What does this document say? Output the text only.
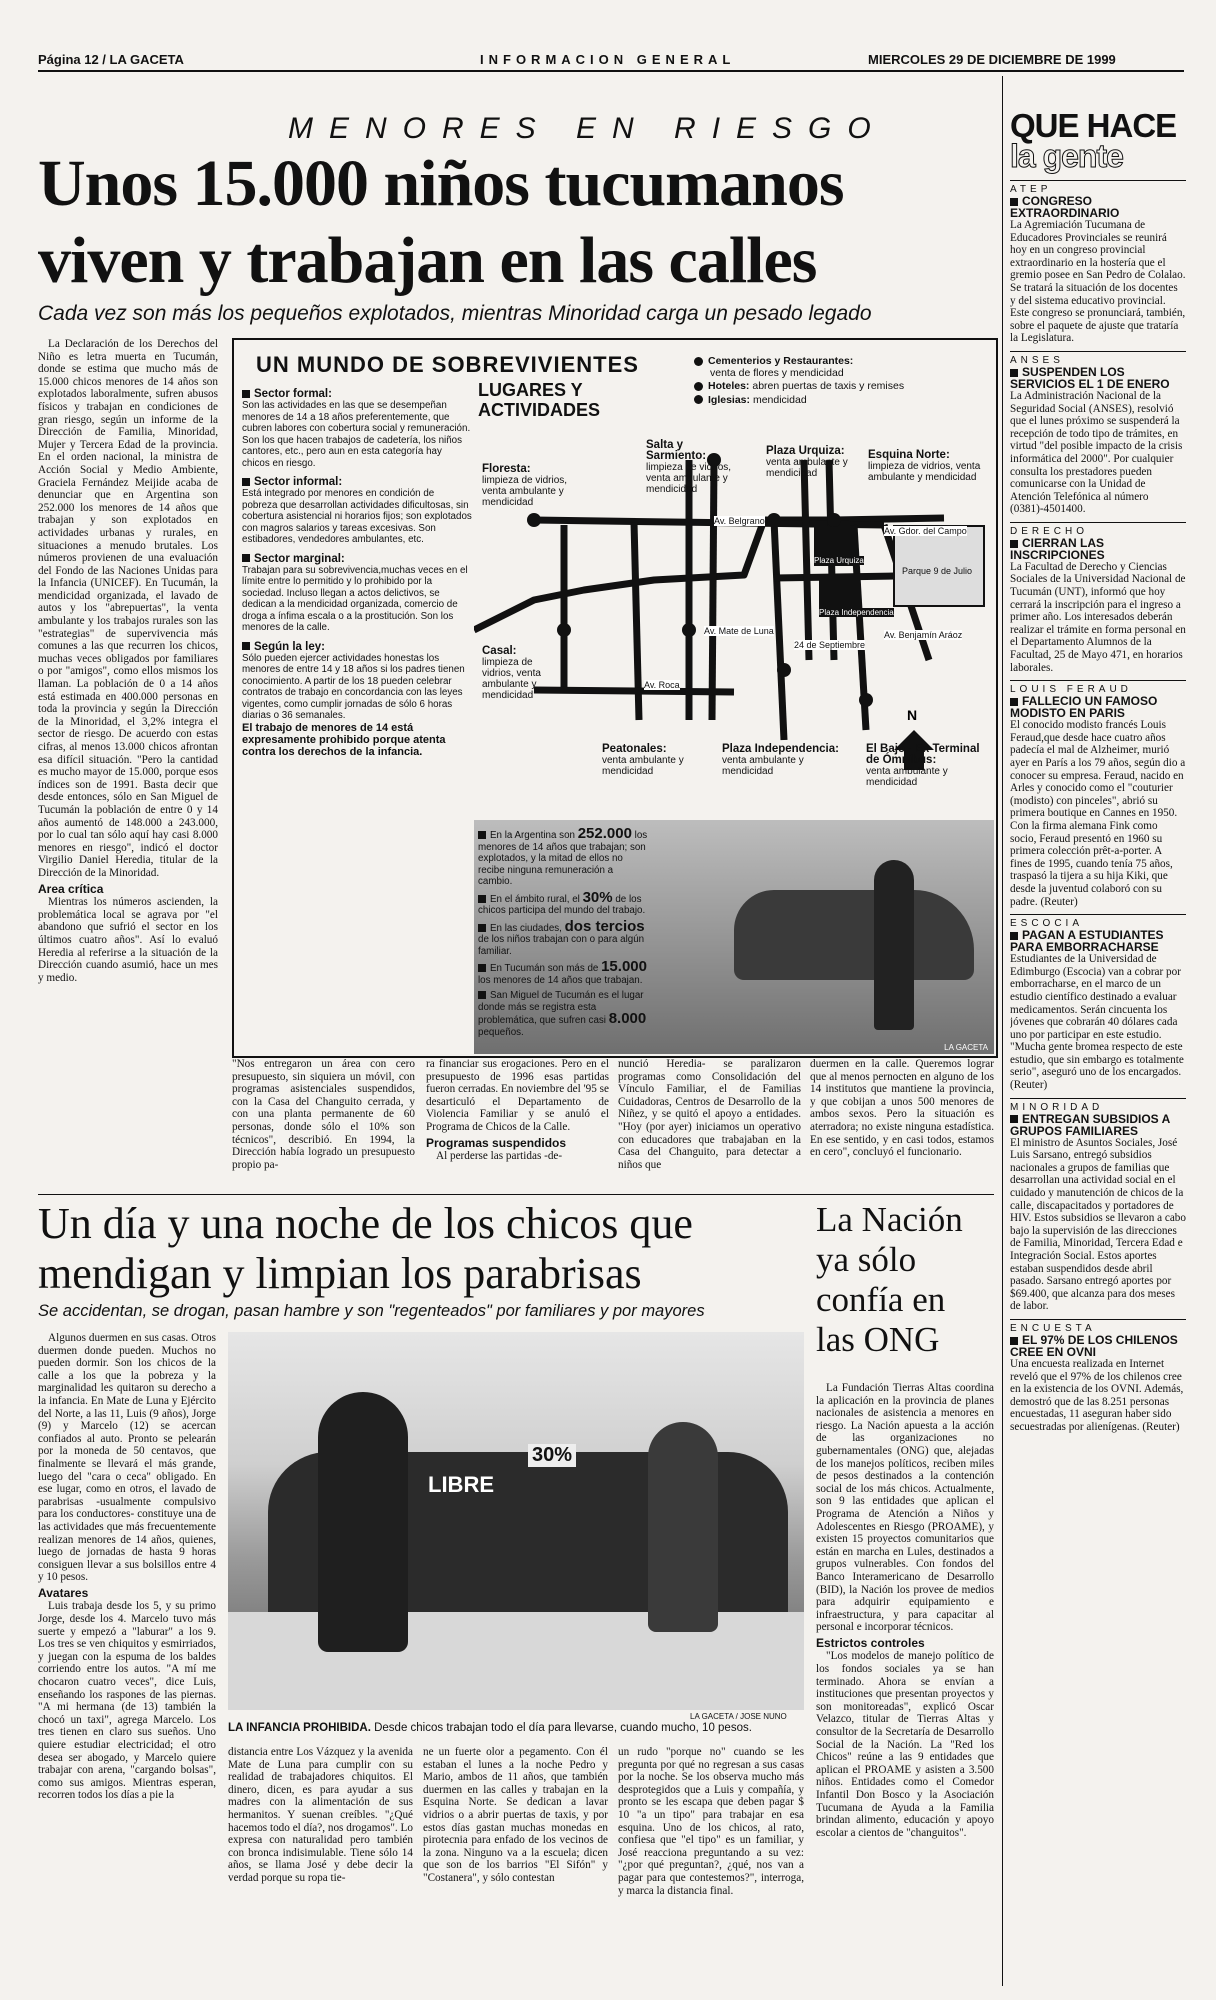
Página 12 / LA GACETA	INFORMACION GENERAL	MIERCOLES 29 DE DICIEMBRE DE 1999
MENORES EN RIESGO
Unos 15.000 niños tucumanos
viven y trabajan en las calles
Cada vez son más los pequeños explotados, mientras Minoridad carga un pesado legado

La Declaración de los Derechos del Niño es letra muerta en Tucumán, donde se estima que mucho más de 15.000 chicos menores de 14 años son explotados laboralmente, sufren abusos físicos y trabajan en condiciones de gran riesgo, según un informe de la Dirección de Familia, Minoridad, Mujer y Tercera Edad de la provincia. En el orden nacional, la ministra de Acción Social y Medio Ambiente, Graciela Fernández Meijide acaba de denunciar que en Argentina son 252.000 los menores de 14 años que trabajan y son explotados en actividades urbanas y rurales, en situaciones a menudo brutales. Los números provienen de una evaluación del Fondo de las Naciones Unidas para la Infancia (UNICEF). En Tucumán, la mendicidad organizada, el lavado de autos y los "abrepuertas", la venta ambulante y los trabajos rurales son las "estrategias" de supervivencia más comunes a las que recurren los chicos, muchas veces obligados por familiares o por "amigos", como ellos mismos los llaman. La población de 0 a 14 años está estimada en 400.000 personas en toda la provincia y según la Dirección de la Minoridad, el 3,2% integra el sector de riesgo. De acuerdo con estas cifras, al menos 13.000 chicos afrontan esa difícil situación. "Pero la cantidad es mucho mayor de 15.000, porque esos índices son de 1991. Basta decir que desde entonces, sólo en San Miguel de Tucumán la población de entre 0 y 14 años aumentó de 148.000 a 243.000, por lo cual tan sólo aquí hay casi 8.000 menores en riesgo", indicó el doctor Virgilio Daniel Heredia, titular de la Dirección de la Minoridad.

Area crítica

Mientras los números ascienden, la problemática local se agrava por "el abandono que sufrió el sector en los últimos cuatro años". Así lo evaluó Heredia al referirse a la situación de la Dirección cuando asumió, hace un mes y medio.

UN MUNDO DE SOBREVIVIENTES
LUGARES Y ACTIVIDADES
Sector formal:
Son las actividades en las que se desempeñan menores de 14 a 18 años preferentemente, que cubren labores con cobertura social y remuneración. Son los que hacen trabajos de cadetería, los niños cantores, etc., pero aun en esta categoría hay chicos en riesgo.
Sector informal:
Está integrado por menores en condición de pobreza que desarrollan actividades dificultosas, sin cobertura asistencial ni horarios fijos; son explotados con magros salarios y tareas excesivas. Son estibadores, vendedores ambulantes, etc.
Sector marginal:
Trabajan para su sobrevivencia,muchas veces en el límite entre lo permitido y lo prohibido por la sociedad. Incluso llegan a actos delictivos, se dedican a la mendicidad organizada, comercio de droga a ínfima escala o a la prostitución. Son los menores de la calle.
Según la ley:
Sólo pueden ejercer actividades honestas los menores de entre 14 y 18 años si los padres tienen conocimiento. A partir de los 18 pueden celebrar contratos de trabajo en concordancia con las leyes vigentes, como cumplir jornadas de sólo 6 horas diarias o 36 semanales.
El trabajo de menores de 14 está expresamente prohibido porque atenta contra los derechos de la infancia.
Cementerios y Restaurantes:
venta de flores y mendicidad
Hoteles: abren puertas de taxis y remises
Iglesias: mendicidad
N
Av. Belgrano
Av. Mate de Luna
Plaza Urquiza
Plaza Independencia
24 de Septiembre
Av. Roca
Av. Gdor. del Campo
Parque 9 de Julio
Av. Benjamín Aráoz
Salta y Sarmiento:
limpieza de vidrios, venta ambulante y mendicidad
Plaza Urquiza:
venta ambulante y mendicidad
Esquina Norte:
limpieza de vidrios, venta ambulante y mendicidad
Floresta:
limpieza de vidrios, venta ambulante y mendicidad
Casal:
limpieza de vidrios, venta ambulante y mendicidad
Peatonales:
venta ambulante y mendicidad
Plaza Independencia:
venta ambulante y mendicidad
El Bajo - Ex Terminal de Ómnibus:
venta ambulante y mendicidad
En la Argentina son 252.000 los menores de 14 años que trabajan; son explotados, y la mitad de ellos no recibe ninguna remuneración a cambio.
En el ámbito rural, el 30% de los chicos participa del mundo del trabajo.
En las ciudades, dos tercios de los niños trabajan con o para algún familiar.
En Tucumán son más de 15.000 los menores de 14 años que trabajan.
San Miguel de Tucumán es el lugar donde más se registra esta problemática, que sufren casi 8.000 pequeños.
LA GACETA

"Nos entregaron un área con cero presupuesto, sin siquiera un móvil, con programas asistenciales suspendidos, con la Casa del Changuito cerrada, y con una planta permanente de 60 personas, donde sólo el 10% son técnicos", describió. En 1994, la Dirección había logrado un presupuesto propio pa-

ra financiar sus erogaciones. Pero en el presupuesto de 1996 esas partidas fueron cerradas. En noviembre del '95 se desarticuló el Departamento de Violencia Familiar y se anuló el Programa de Chicos de la Calle.

Programas suspendidos

Al perderse las partidas -de-

nunció Heredia- se paralizaron programas como Consolidación del Vínculo Familiar, el de Familias Cuidadoras, Centros de Desarrollo de la Niñez, y se quitó el apoyo a entidades. "Hoy (por ayer) iniciamos un operativo con educadores que trabajaban en la Casa del Changuito, para detectar a niños que

duermen en la calle. Queremos lograr que al menos pernocten en alguno de los 14 institutos que mantiene la provincia, y que cobijan a unos 500 menores de ambos sexos. Pero la situación es aterradora; no existe ninguna estadística. En ese sentido, y en casi todos, estamos en cero", concluyó el funcionario.

Un día y una noche de los chicos que
mendigan y limpian los parabrisas
Se accidentan, se drogan, pasan hambre y son "regenteados" por familiares y por mayores

Algunos duermen en sus casas. Otros duermen donde pueden. Muchos no pueden dormir. Son los chicos de la calle a los que la pobreza y la marginalidad les quitaron su derecho a la infancia. En Mate de Luna y Ejército del Norte, a las 11, Luis (9 años), Jorge (9) y Marcelo (12) se acercan confiados al auto. Pronto se pelearán por la moneda de 50 centavos, que finalmente se llevará el más grande, luego del "cara o ceca" obligado. En ese lugar, como en otros, el lavado de parabrisas -usualmente compulsivo para los conductores- constituye una de las actividades que más frecuentemente realizan menores de 14 años, quienes, luego de jornadas de hasta 9 horas consiguen llevar a sus bolsillos entre 4 y 10 pesos.

Avatares

Luis trabaja desde los 5, y su primo Jorge, desde los 4. Marcelo tuvo más suerte y empezó a "laburar" a los 9. Los tres se ven chiquitos y esmirriados, y juegan con la espuma de los baldes corriendo entre los autos. "A mí me chocaron cuatro veces", dice Luis, enseñando los raspones de las piernas. "A mi hermana (de 13) también la chocó un taxi", agrega Marcelo. Los tres tienen en claro sus sueños. Uno quiere estudiar electricidad; el otro desea ser abogado, y Marcelo quiere trabajar con arena, "cargando bolsas", como sus amigos. Mientras esperan, recorren todos los días a pie la

LIBRE
30%
LA GACETA / JOSE NUNO
LA INFANCIA PROHIBIDA. Desde chicos trabajan todo el día para llevarse, cuando mucho, 10 pesos.

distancia entre Los Vázquez y la avenida Mate de Luna para cumplir con su realidad de trabajadores chiquitos. El dinero, dicen, es para ayudar a sus madres con la alimentación de sus hermanitos. Y suenan creíbles. "¿Qué hacemos todo el día?, nos drogamos". Lo expresa con naturalidad pero también con bronca indisimulable. Tiene sólo 14 años, se llama José y debe decir la verdad porque su ropa tie-

ne un fuerte olor a pegamento. Con él estaban el lunes a la noche Pedro y Mario, ambos de 11 años, que también duermen en las calles y trabajan en la Esquina Norte. Se dedican a lavar vidrios o a abrir puertas de taxis, y por estos días gastan muchas monedas en pirotecnia para enfado de los vecinos de la zona. Ninguno va a la escuela; dicen que son de los barrios "El Sifón" y "Costanera", y sólo contestan

un rudo "porque no" cuando se les pregunta por qué no regresan a sus casas por la noche. Se los observa mucho más desprotegidos que a Luis y compañía, y pronto se les escapa que deben pagar $ 10 "a un tipo" para trabajar en esa esquina. Uno de los chicos, al rato, confiesa que "el tipo" es un familiar, y José reacciona preguntando a su vez: "¿por qué preguntan?, ¿qué, nos van a pagar para que contestemos?", interroga, y marca la distancia final.

La Nación ya sólo confía en las ONG

La Fundación Tierras Altas coordina la aplicación en la provincia de planes nacionales de asistencia a menores en riesgo. La Nación apuesta a la acción de las organizaciones no gubernamentales (ONG) que, alejadas de los manejos políticos, reciben miles de pesos destinados a la contención social de los más chicos. Actualmente, son 9 las entidades que aplican el Programa de Atención a Niños y Adolescentes en Riesgo (PROAME), y existen 15 proyectos comunitarios que están en marcha en Lules, destinados a grupos vulnerables. Con fondos del Banco Interamericano de Desarrollo (BID), la Nación los provee de medios para adquirir equipamiento e infraestructura, y para capacitar al personal e incorporar técnicos.

Estrictos controles

"Los modelos de manejo político de los fondos sociales ya se han terminado. Ahora se envían a instituciones que presentan proyectos y son monitoreadas", explicó Oscar Velazco, titular de Tierras Altas y consultor de la Secretaría de Desarrollo Social de la Nación. La "Red los Chicos" reúne a las 9 entidades que aplican el PROAME y asisten a 3.500 niños. Entidades como el Comedor Infantil Don Bosco y la Asociación Tucumana de Ayuda a la Familia brindan alimento, educación y apoyo escolar a cientos de "changuitos".

QUE HACE
la gente
ATEP
CONGRESO EXTRAORDINARIO
La Agremiación Tucumana de Educadores Provinciales se reunirá hoy en un congreso provincial extraordinario en la hostería que el gremio posee en San Pedro de Colalao. Se tratará la situación de los docentes y del sistema educativo provincial. Este congreso se pronunciará, también, sobre el paquete de ajuste que trataría la Legislatura.
ANSES
SUSPENDEN LOS SERVICIOS EL 1 DE ENERO
La Administración Nacional de la Seguridad Social (ANSES), resolvió que el lunes próximo se suspenderá la recepción de todo tipo de trámites, en virtud "del posible impacto de la crisis informática del 2000". Por cualquier consulta los prestadores pueden comunicarse con la Unidad de Atención Telefónica al número (0381)-4501400.
DERECHO
CIERRAN LAS INSCRIPCIONES
La Facultad de Derecho y Ciencias Sociales de la Universidad Nacional de Tucumán (UNT), informó que hoy cerrará la inscripción para el ingreso a primer año. Los interesados deberán realizar el trámite en forma personal en el Departamento Alumnos de la Facultad, 25 de Mayo 471, en horarios laborales.
LOUIS FERAUD
FALLECIO UN FAMOSO MODISTO EN PARIS
El conocido modisto francés Louis Feraud,que desde hace cuatro años padecía el mal de Alzheimer, murió ayer en París a los 79 años, según dio a conocer su empresa. Feraud, nacido en Arles y conocido como el "couturier (modisto) con pinceles", abrió su primera boutique en Cannes en 1950. Con la firma alemana Fink como socio, Feraud presentó en 1960 su primera colección prêt-a-porter. A fines de 1995, cuando tenía 75 años, traspasó la tijera a su hija Kiki, que desde la juventud colaboró con su padre. (Reuter)
ESCOCIA
PAGAN A ESTUDIANTES PARA EMBORRACHARSE
Estudiantes de la Universidad de Edimburgo (Escocia) van a cobrar por emborracharse, en el marco de un estudio científico destinado a evaluar medicamentos. Serán cincuenta los jóvenes que cobrarán 40 dólares cada uno por participar en este estudio. "Mucha gente bromea respecto de este estudio, que sin embargo es totalmente serio", aseguró uno de los encargados. (Reuter)
MINORIDAD
ENTREGAN SUBSIDIOS A GRUPOS FAMILIARES
El ministro de Asuntos Sociales, José Luis Sarsano, entregó subsidios nacionales a grupos de familias que desarrollan una actividad social en el cuidado y manutención de chicos de la calle, discapacitados y portadores de HIV. Estos subsidios se llevaron a cabo bajo la supervisión de las direcciones de Familia, Minoridad, Tercera Edad e Integración Social. Estos aportes estaban suspendidos desde abril pasado. Sarsano entregó aportes por $69.400, que alcanza para dos meses de labor.
ENCUESTA
EL 97% DE LOS CHILENOS CREE EN OVNI
Una encuesta realizada en Internet reveló que el 97% de los chilenos cree en la existencia de los OVNI. Además, demostró que de las 8.251 personas encuestadas, 11 aseguran haber sido secuestradas por alienígenas. (Reuter)
